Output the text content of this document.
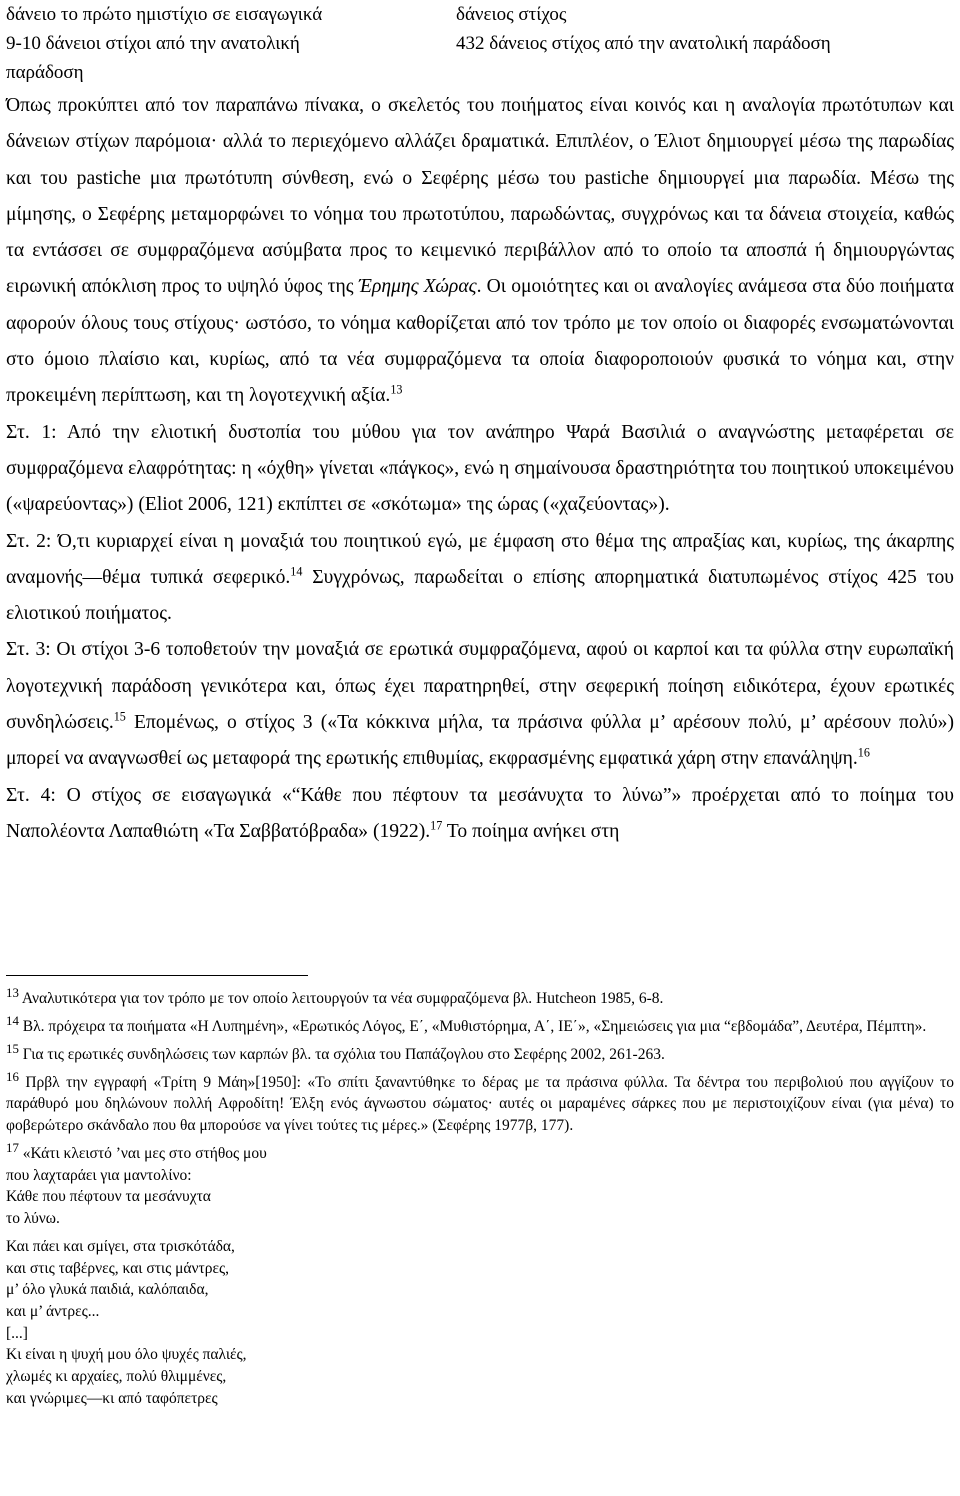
δάνειο το πρώτο ημιστίχιο σε εισαγωγικά
9-10 δάνειοι στίχοι από την ανατολική
παράδοση
δάνειος στίχος
432 δάνειος στίχος από την ανατολική παράδοση

Όπως προκύπτει από τον παραπάνω πίνακα, ο σκελετός του ποιήματος είναι κοινός και η αναλογία πρωτότυπων και δάνειων στίχων παρόμοια· αλλά το περιεχόμενο αλλάζει δραματικά. Επιπλέον, ο Έλιοτ δημιουργεί μέσω της παρωδίας και του pastiche μια πρωτότυπη σύνθεση, ενώ ο Σεφέρης μέσω του pastiche δημιουργεί μια παρωδία. Μέσω της μίμησης, ο Σεφέρης μεταμορφώνει το νόημα του πρωτοτύπου, παρωδώντας, συγχρόνως και τα δάνεια στοιχεία, καθώς τα εντάσσει σε συμφραζόμενα ασύμβατα προς το κειμενικό περιβάλλον από το οποίο τα αποσπά ή δημιουργώντας ειρωνική απόκλιση προς το υψηλό ύφος της Έρημης Χώρας. Οι ομοιότητες και οι αναλογίες ανάμεσα στα δύο ποιήματα αφορούν όλους τους στίχους· ωστόσο, το νόημα καθορίζεται από τον τρόπο με τον οποίο οι διαφορές ενσωματώνονται στο όμοιο πλαίσιο και, κυρίως, από τα νέα συμφραζόμενα τα οποία διαφοροποιούν φυσικά το νόημα και, στην προκειμένη περίπτωση, και τη λογοτεχνική αξία.$^{13}$

Στ. 1: Από την ελιοτική δυστοπία του μύθου για τον ανάπηρο Ψαρά Βασιλιά ο αναγνώστης μεταφέρεται σε συμφραζόμενα ελαφρότητας: η «όχθη» γίνεται «πάγκος», ενώ η σημαίνουσα δραστηριότητα του ποιητικού υποκειμένου («ψαρεύοντας») (Eliot 2006, 121) εκπίπτει σε «σκότωμα» της ώρας («χαζεύοντας»).

Στ. 2: Ό,τι κυριαρχεί είναι η μοναξιά του ποιητικού εγώ, με έμφαση στο θέμα της απραξίας και, κυρίως, της άκαρπης αναμονής—θέμα τυπικά σεφερικό.$^{14}$ Συγχρόνως, παρωδείται ο επίσης απορηματικά διατυπωμένος στίχος 425 του ελιοτικού ποιήματος.

Στ. 3: Οι στίχοι 3-6 τοποθετούν την μοναξιά σε ερωτικά συμφραζόμενα, αφού οι καρποί και τα φύλλα στην ευρωπαϊκή λογοτεχνική παράδοση γενικότερα και, όπως έχει παρατηρηθεί, στην σεφερική ποίηση ειδικότερα, έχουν ερωτικές συνδηλώσεις.$^{15}$ Επομένως, ο στίχος 3 («Τα κόκκινα μήλα, τα πράσινα φύλλα μ’ αρέσουν πολύ, μ’ αρέσουν πολύ») μπορεί να αναγνωσθεί ως μεταφορά της ερωτικής επιθυμίας, εκφρασμένης εμφατικά χάρη στην επανάληψη.$^{16}$

Στ. 4: Ο στίχος σε εισαγωγικά «“Κάθε που πέφτουν τα μεσάνυχτα το λύνω”» προέρχεται από το ποίημα του Ναπολέοντα Λαπαθιώτη «Τα Σαββατόβραδα» (1922).$^{17}$ Το ποίημα ανήκει στη

$^{13}$ Αναλυτικότερα για τον τρόπο με τον οποίο λειτουργούν τα νέα συμφραζόμενα βλ. Hutcheon 1985, 6-8.

$^{14}$ Βλ. πρόχειρα τα ποιήματα «Η Λυπημένη», «Ερωτικός Λόγος, Ε΄, «Μυθιστόρημα, Α΄, ΙΕ΄», «Σημειώσεις για μια “εβδομάδα”, Δευτέρα, Πέμπτη».

$^{15}$ Για τις ερωτικές συνδηλώσεις των καρπών βλ. τα σχόλια του Παπάζογλου στο Σεφέρης 2002, 261-263.

$^{16}$ Πρβλ την εγγραφή «Τρίτη 9 Μάη»[1950]: «Το σπίτι ξαναντύθηκε το δέρας με τα πράσινα φύλλα. Τα δέντρα του περιβολιού που αγγίζουν το παράθυρό μου δηλώνουν πολλή Αφροδίτη! Έλξη ενός άγνωστου σώματος· αυτές οι μαραμένες σάρκες που με περιστοιχίζουν είναι (για μένα) το φοβερώτερο σκάνδαλο που θα μπορούσε να γίνει τούτες τις μέρες.» (Σεφέρης 1977β, 177).

$^{17}$ «Κάτι κλειστό ’ναι μες στο στήθος μου

που λαχταράει για μαντολίνο:

Κάθε που πέφτουν τα μεσάνυχτα

το λύνω.

Και πάει και σμίγει, στα τρισκότάδα,

και στις ταβέρνες, και στις μάντρες,

μ’ όλο γλυκά παιδιά, καλόπαιδα,

και μ’ άντρες...

[...]

Κι είναι η ψυχή μου όλο ψυχές παλιές,

χλωμές κι αρχαίες, πολύ θλιμμένες,

και γνώριμες—κι από ταφόπετρες
